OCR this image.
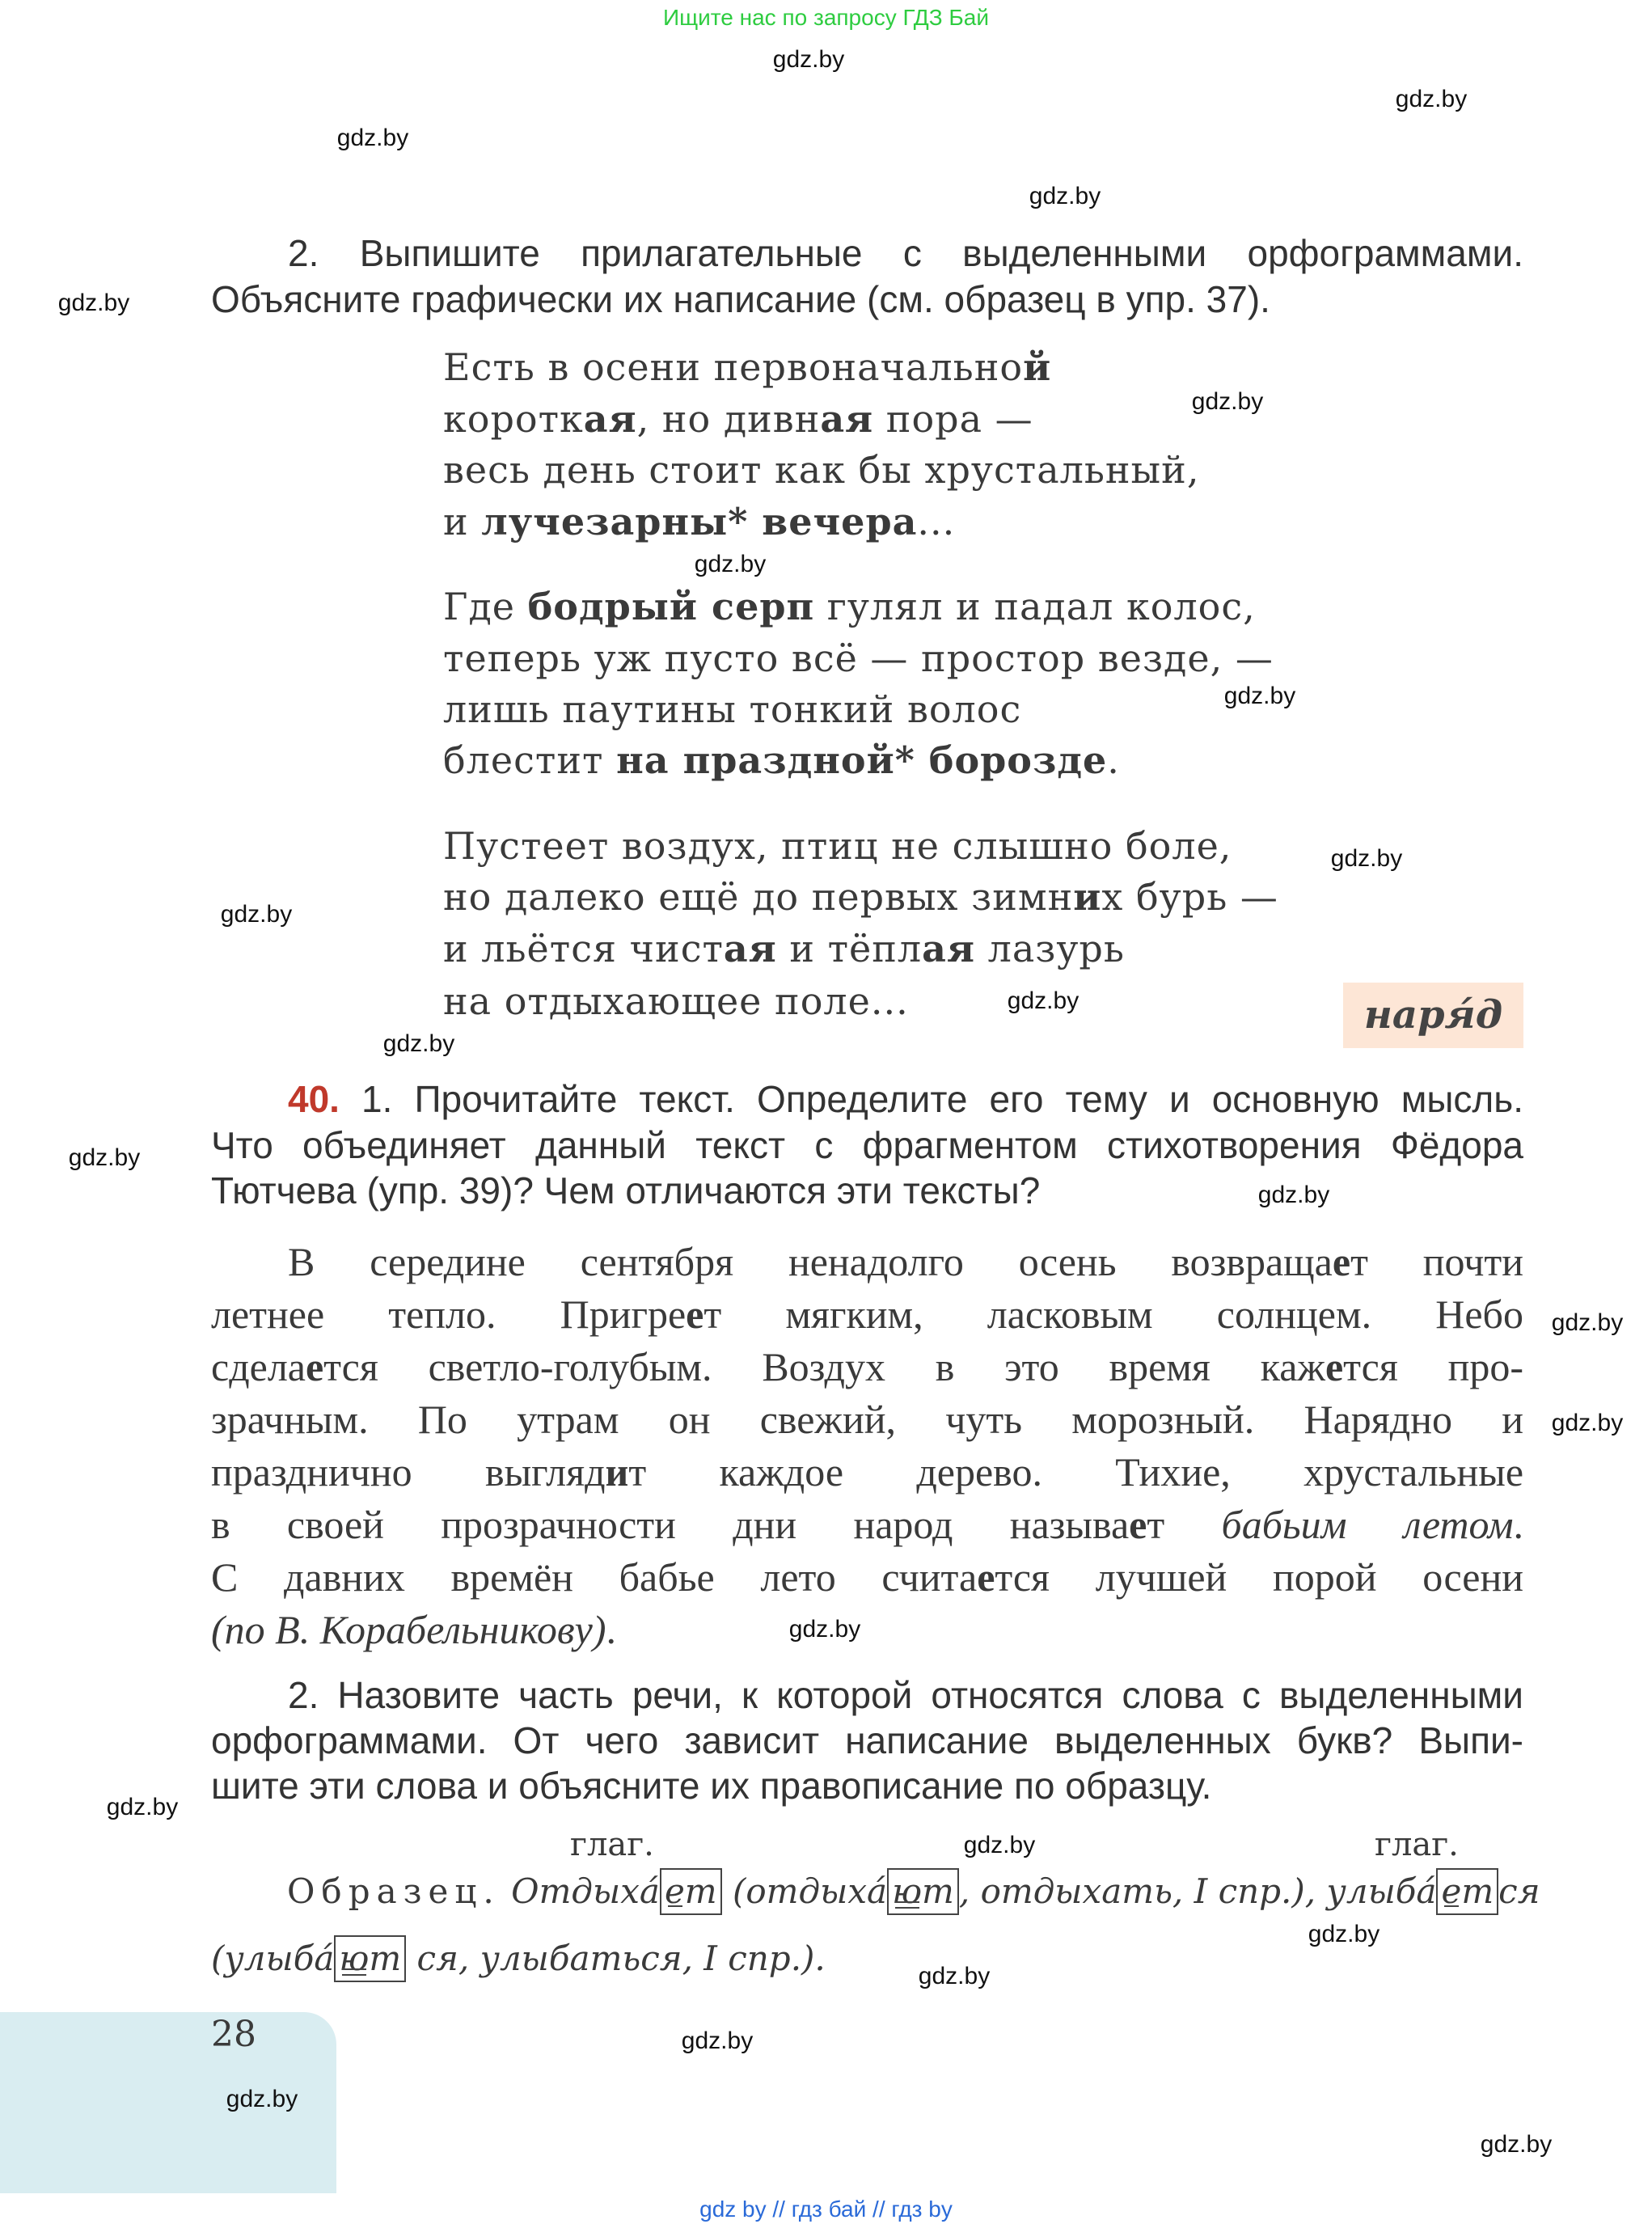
Ищите нас по запросу ГДЗ Бай
2. Выпишите прилагательные с выделенными орфограммами.
Объясните графически их написание (см. образец в упр. 37).
Есть в осени первоначальной
короткая, но дивная пора —
весь день стоит как бы хрустальный,
и лучезарны* вечера...
Где бодрый серп гулял и падал колос,
теперь уж пусто всё — простор везде, —
лишь паутины тонкий волос
блестит на праздной* борозде.
Пустеет воздух, птиц не слышно боле,
но далеко ещё до первых зимних бурь —
и льётся чистая и тёплая лазурь
на отдыхающее поле...	наря́д
40. 1. Прочитайте текст. Определите его тему и основную мысль.
Что объединяет данный текст с фрагментом стихотворения Фёдора
Тютчева (упр. 39)? Чем отличаются эти тексты?
В середине сентября ненадолго осень возвращает почти
летнее тепло. Пригреет мягким, ласковым солнцем. Небо
сделается светло-голубым. Воздух в это время кажется про-
зрачным. По утрам он свежий, чуть морозный. Нарядно и
празднично выглядит каждое дерево. Тихие, хрустальные
в своей прозрачности дни народ называет бабьим летом.
С давних времён бабье лето считается лучшей порой осени
(по В. Корабельникову).
2. Назовите часть речи, к которой относятся слова с выделенными
орфограммами. От чего зависит написание выделенных букв? Выпи-
шите эти слова и объясните их правописание по образцу.
глаг.	глаг.
Образец. Отдыха́ ет (отдыха́ ют , отдыхать, I спр.), улыба́ ет ся
(улыба́ ют ся, улыбаться, I спр.).
28
gdz by // гдз бай // гдз by
gdz.by
gdz.by
gdz.by
gdz.by
gdz.by
gdz.by
gdz.by
gdz.by
gdz.by
gdz.by
gdz.by
gdz.by
gdz.by
gdz.by
gdz.by
gdz.by
gdz.by
gdz.by
gdz.by
gdz.by
gdz.by
gdz.by
gdz.by
gdz.by
